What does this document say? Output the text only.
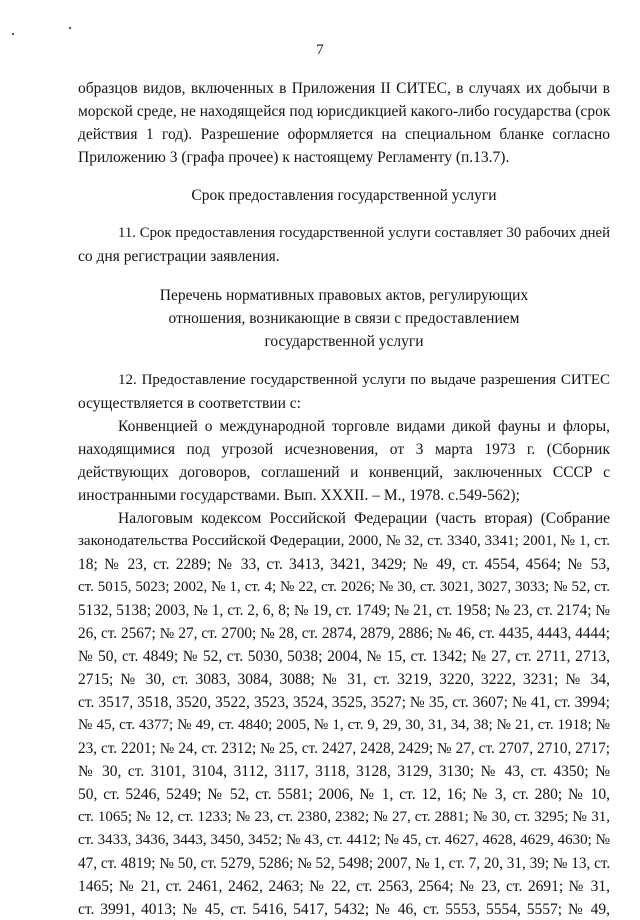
7
образцов видов, включенных в Приложения II СИТЕС, в случаях их добычи в
морской среде, не находящейся под юрисдикцией какого-либо государства (срок
действия 1 год). Разрешение оформляется на специальном бланке согласно
Приложению 3 (графа прочее) к настоящему Регламенту (п.13.7).
Срок предоставления государственной услуги
11. Срок предоставления государственной услуги составляет 30 рабочих дней
со дня регистрации заявления.
Перечень нормативных правовых актов, регулирующих
отношения, возникающие в связи с предоставлением
государственной услуги
12. Предоставление государственной услуги по выдаче разрешения СИТЕС
осуществляется в соответствии с:
Конвенцией о международной торговле видами дикой фауны и флоры,
находящимися под угрозой исчезновения, от 3 марта 1973 г. (Сборник
действующих договоров, соглашений и конвенций, заключенных СССР с
иностранными государствами. Вып. XXXII. – М., 1978. с.549-562);
Налоговым кодексом Российской Федерации (часть вторая) (Собрание
законодательства Российской Федерации, 2000, № 32, ст. 3340, 3341; 2001, № 1, ст.
18; № 23, ст. 2289; № 33, ст. 3413, 3421, 3429; № 49, ст. 4554, 4564; № 53,
ст. 5015, 5023; 2002, № 1, ст. 4; № 22, ст. 2026; № 30, ст. 3021, 3027, 3033; № 52, ст.
5132, 5138; 2003, № 1, ст. 2, 6, 8; № 19, ст. 1749; № 21, ст. 1958; № 23, ст. 2174; №
26, ст. 2567; № 27, ст. 2700; № 28, ст. 2874, 2879, 2886; № 46, ст. 4435, 4443, 4444;
№ 50, ст. 4849; № 52, ст. 5030, 5038; 2004, № 15, ст. 1342; № 27, ст. 2711, 2713,
2715; № 30, ст. 3083, 3084, 3088; № 31, ст. 3219, 3220, 3222, 3231; № 34,
ст. 3517, 3518, 3520, 3522, 3523, 3524, 3525, 3527; № 35, ст. 3607; № 41, ст. 3994;
№ 45, ст. 4377; № 49, ст. 4840; 2005, № 1, ст. 9, 29, 30, 31, 34, 38; № 21, ст. 1918; №
23, ст. 2201; № 24, ст. 2312; № 25, ст. 2427, 2428, 2429; № 27, ст. 2707, 2710, 2717;
№ 30, ст. 3101, 3104, 3112, 3117, 3118, 3128, 3129, 3130; № 43, ст. 4350; №
50, ст. 5246, 5249; № 52, ст. 5581; 2006, № 1, ст. 12, 16; № 3, ст. 280; № 10,
ст. 1065; № 12, ст. 1233; № 23, ст. 2380, 2382; № 27, ст. 2881; № 30, ст. 3295; № 31,
ст. 3433, 3436, 3443, 3450, 3452; № 43, ст. 4412; № 45, ст. 4627, 4628, 4629, 4630; №
47, ст. 4819; № 50, ст. 5279, 5286; № 52, 5498; 2007, № 1, ст. 7, 20, 31, 39; № 13, ст.
1465; № 21, ст. 2461, 2462, 2463; № 22, ст. 2563, 2564; № 23, ст. 2691; № 31,
ст. 3991, 4013; № 45, ст. 5416, 5417, 5432; № 46, ст. 5553, 5554, 5557; № 49,
